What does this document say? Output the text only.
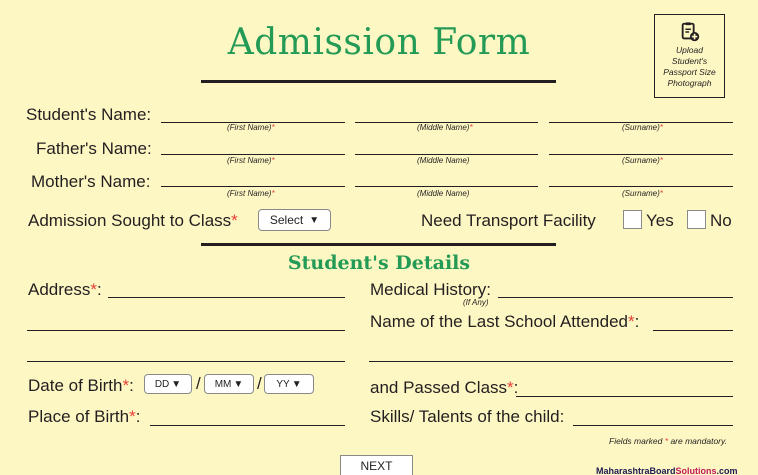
Admission Form	Upload
Student's
Passport Size
Photograph
Student's Name:
(First Name)*	(Middle Name)*	(Surname)*
Father's Name:
(First Name)*	(Middle Name)	(Surname)*
Mother's Name:
(First Name)*	(Middle Name)	(Surname)*
Admission Sought to Class*	Select ▼	Need Transport Facility	Yes No
Student's Details
Address*:	Medical History:
(If Any)
Name of the Last School Attended*:
Date of Birth*: DD ▼ / MM ▼ / YY ▼	and Passed Class*:
Place of Birth*:	Skills/ Talents of the child:
Fields marked * are mandatory.
NEXT	MaharashtraBoardSolutions.com
